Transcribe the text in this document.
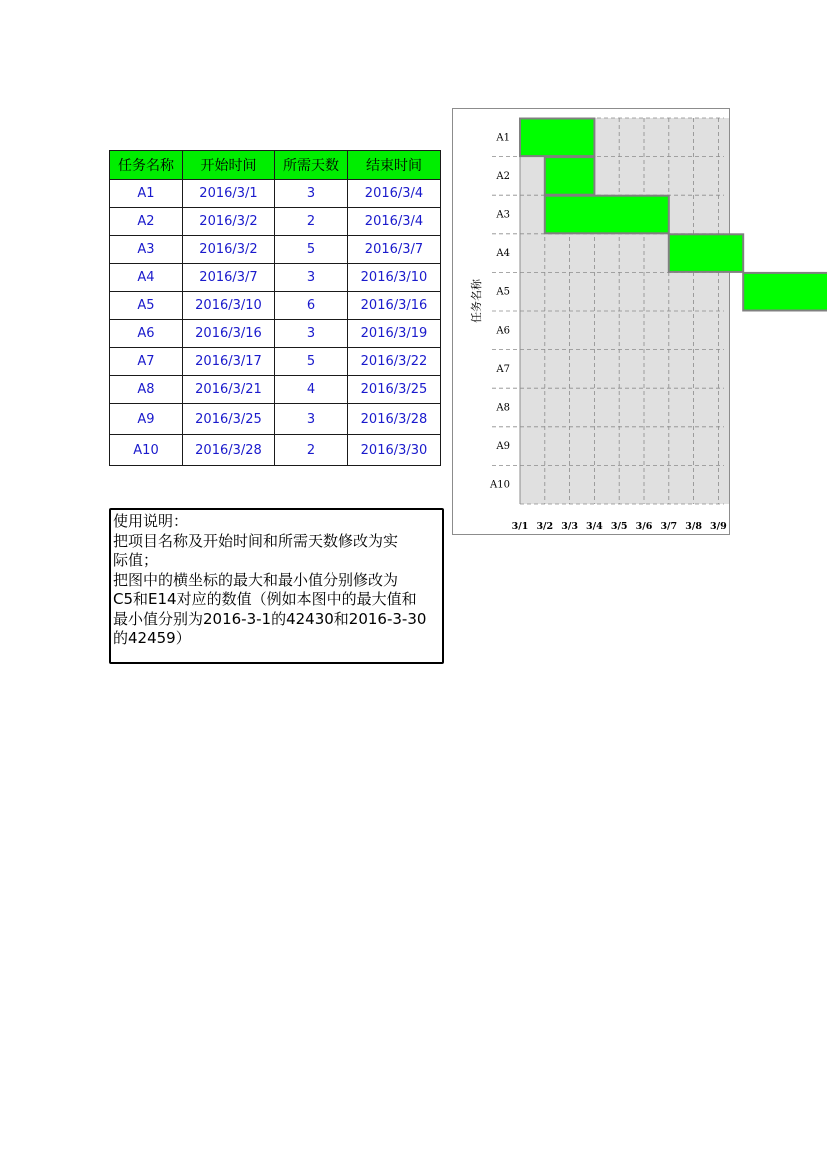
任务名称	开始时间	所需天数	结束时间
A1	2016/3/1	3	2016/3/4
A2	2016/3/2	2	2016/3/4
A3	2016/3/2	5	2016/3/7
A4	2016/3/7	3	2016/3/10
A5	2016/3/10	6	2016/3/16
A6	2016/3/16	3	2016/3/19
A7	2016/3/17	5	2016/3/22
A8	2016/3/21	4	2016/3/25
A9	2016/3/25	3	2016/3/28
A10	2016/3/28	2	2016/3/30

使用说明：

把项目名称及开始时间和所需天数修改为实

际值；

把图中的横坐标的最大和最小值分别修改为

C5和E14对应的数值（例如本图中的最大值和

最小值分别为2016-3-1的42430和2016-3-30

的42459）

A1
A2
A3
A4
A5
A6
A7
A8
A9
A10
3/1 3/2 3/3 3/4 3/5 3/6 3/7 3/8 3/9
任务名称
